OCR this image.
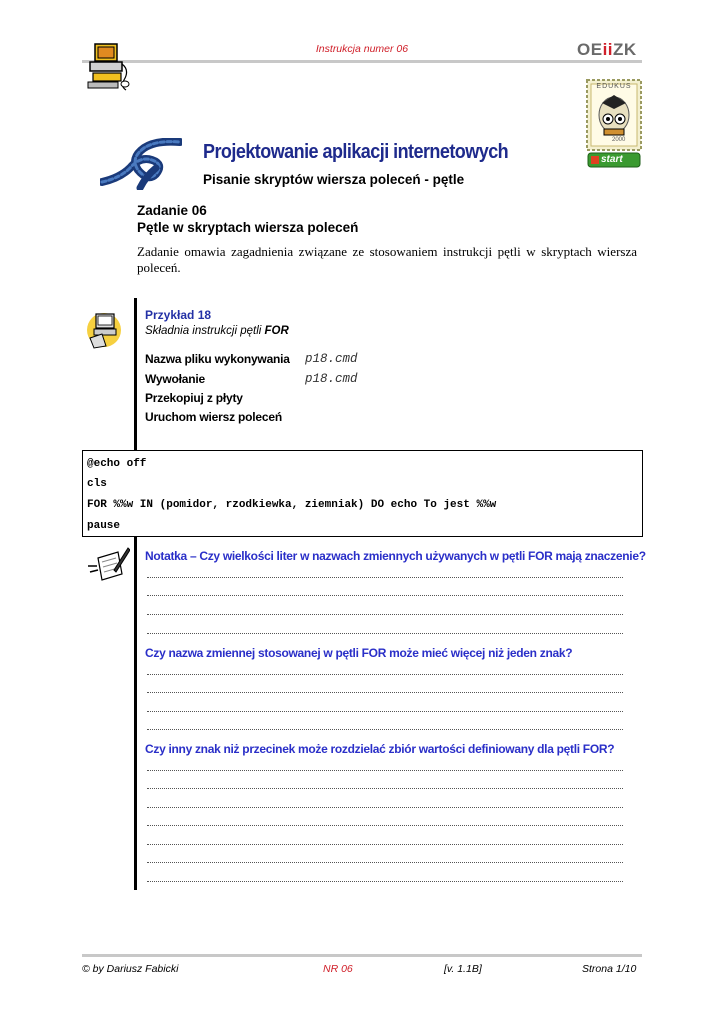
Instrukcja numer 06	OEiiZK
EDUKUS
2000
start
Projektowanie aplikacji internetowych
Pisanie skryptów wiersza poleceń - pętle
Zadanie 06
Pętle w skryptach wiersza poleceń
Zadanie omawia zagadnienia związane ze stosowaniem instrukcji pętli w skryptach wiersza poleceń.
Przykład 18
Składnia instrukcji pętli FOR
Nazwa pliku wykonywania p18.cmd
Wywołanie	p18.cmd
Przekopiuj z płyty
Uruchom wiersz poleceń
@echo off
cls
FOR %%w IN (pomidor, rzodkiewka, ziemniak) DO echo To jest %%w
pause
Notatka – Czy wielkości liter w nazwach zmiennych używanych w pętli FOR mają znaczenie?
Czy nazwa zmiennej stosowanej w pętli FOR może mieć więcej niż jeden znak?
Czy inny znak niż przecinek może rozdzielać zbiór wartości definiowany dla pętli FOR?
© by Dariusz Fabicki	NR 06	[v. 1.1B]	Strona 1/10
